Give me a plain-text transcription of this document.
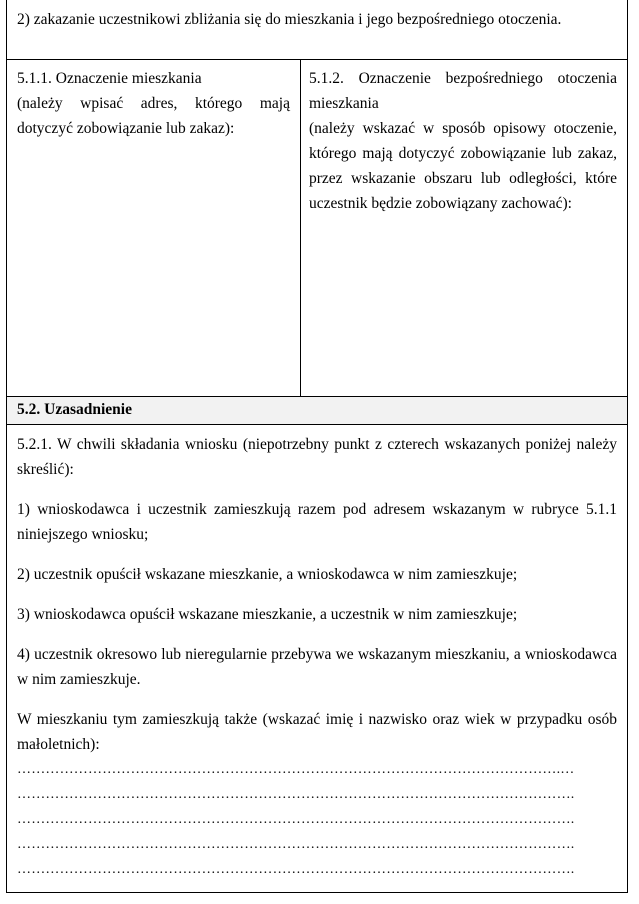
2) zakazanie uczestnikowi zbliżania się do mieszkania i jego bezpośredniego otoczenia.

5.1.1. Oznaczenie mieszkania

(należy wpisać adres, którego mają dotyczyć zobowiązanie lub zakaz):

5.1.2. Oznaczenie bezpośredniego otoczenia mieszkania

(należy wskazać w sposób opisowy otoczenie, którego mają dotyczyć zobowiązanie lub zakaz, przez wskazanie obszaru lub odległości, które uczestnik będzie zobowiązany zachować):

5.2. Uzasadnienie

5.2.1. W chwili składania wniosku (niepotrzebny punkt z czterech wskazanych poniżej należy skreślić):

1) wnioskodawca i uczestnik zamieszkują razem pod adresem wskazanym w rubryce 5.1.1 niniejszego wniosku;

2) uczestnik opuścił wskazane mieszkanie, a wnioskodawca w nim zamieszkuje;

3) wnioskodawca opuścił wskazane mieszkanie, a uczestnik w nim zamieszkuje;

4) uczestnik okresowo lub nieregularnie przebywa we wskazanym mieszkaniu, a wnioskodawca w nim zamieszkuje.

W mieszkaniu tym zamieszkują także (wskazać imię i nazwisko oraz wiek w przypadku osób małoletnich):

…………………………………………………………………………………………………….…

……………………………………………………………………………………………………….

……………………………………………………………………………………………………….

……………………………………………………………………………………………………….

……………………………………………………………………………………………………….
